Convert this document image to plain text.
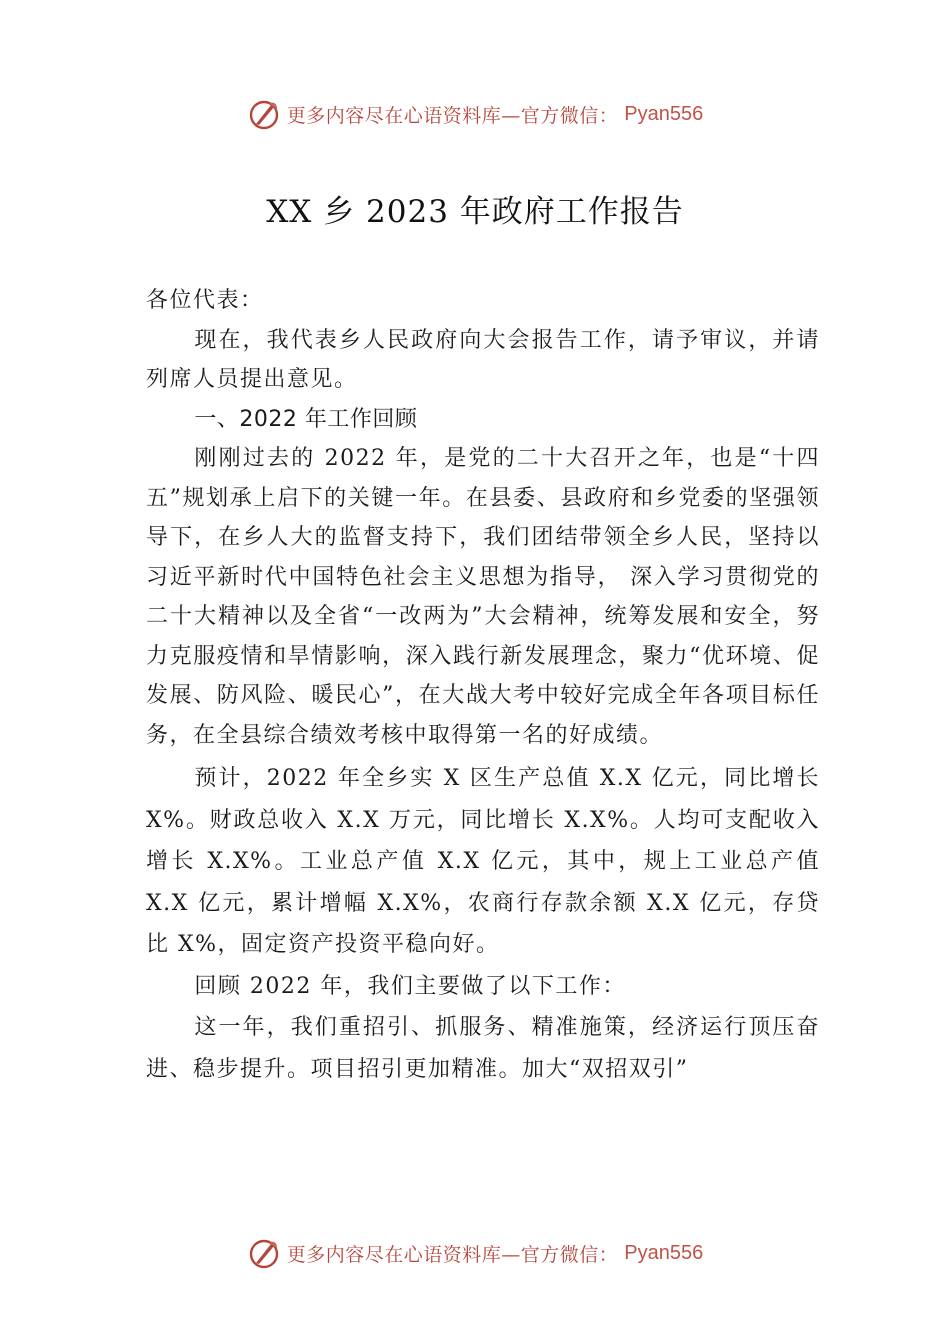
更多内容尽在心语资料库—官方微信： Pyan556
XX 乡 2023 年政府工作报告

各位代表：

现在，我代表乡人民政府向大会报告工作，请予审议，并请列席人员提出意见。

一、2022 年工作回顾

刚刚过去的 2022 年，是党的二十大召开之年，也是“十四五”规划承上启下的关键一年。在县委、县政府和乡党委的坚强领导下，在乡人大的监督支持下，我们团结带领全乡人民，坚持以习近平新时代中国特色社会主义思想为指导， 深入学习贯彻党的二十大精神以及全省“一改两为”大会精神，统筹发展和安全，努力克服疫情和旱情影响，深入践行新发展理念，聚力“优环境、促发展、防风险、暖民心”，在大战大考中较好完成全年各项目标任务，在全县综合绩效考核中取得第一名的好成绩。

预计，2022 年全乡实 X 区生产总值 X.X 亿元，同比增长 X%。财政总收入 X.X 万元，同比增长 X.X%。人均可支配收入增长 X.X%。工业总产值 X.X 亿元，其中，规上工业总产值 X.X 亿元，累计增幅 X.X%，农商行存款余额 X.X 亿元，存贷比 X%，固定资产投资平稳向好。

回顾 2022 年，我们主要做了以下工作：

这一年，我们重招引、抓服务、精准施策，经济运行顶压奋进、稳步提升。项目招引更加精准。加大“双招双引”

更多内容尽在心语资料库—官方微信： Pyan556
